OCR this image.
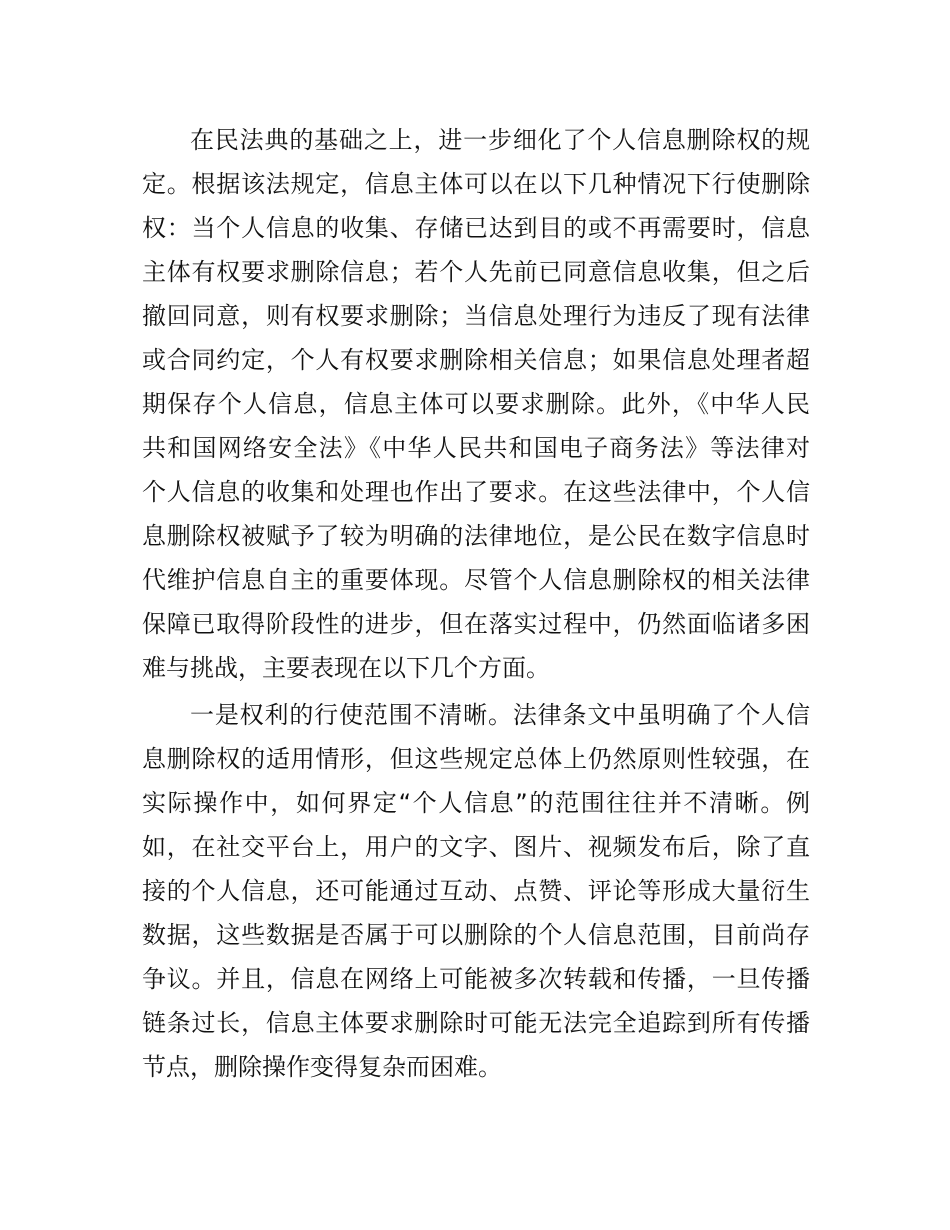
在民法典的基础之上，进一步细化了个人信息删除权的规
定。根据该法规定，信息主体可以在以下几种情况下行使删除
权：当个人信息的收集、存储已达到目的或不再需要时，信息
主体有权要求删除信息；若个人先前已同意信息收集，但之后
撤回同意，则有权要求删除；当信息处理行为违反了现有法律
或合同约定，个人有权要求删除相关信息；如果信息处理者超
期保存个人信息，信息主体可以要求删除。此外，《中华人民
共和国网络安全法》《中华人民共和国电子商务法》等法律对
个人信息的收集和处理也作出了要求。在这些法律中，个人信
息删除权被赋予了较为明确的法律地位，是公民在数字信息时
代维护信息自主的重要体现。尽管个人信息删除权的相关法律
保障已取得阶段性的进步，但在落实过程中，仍然面临诸多困
难与挑战，主要表现在以下几个方面。
一是权利的行使范围不清晰。法律条文中虽明确了个人信
息删除权的适用情形，但这些规定总体上仍然原则性较强，在
实际操作中，如何界定“个人信息”的范围往往并不清晰。例
如，在社交平台上，用户的文字、图片、视频发布后，除了直
接的个人信息，还可能通过互动、点赞、评论等形成大量衍生
数据，这些数据是否属于可以删除的个人信息范围，目前尚存
争议。并且，信息在网络上可能被多次转载和传播，一旦传播
链条过长，信息主体要求删除时可能无法完全追踪到所有传播
节点，删除操作变得复杂而困难。
